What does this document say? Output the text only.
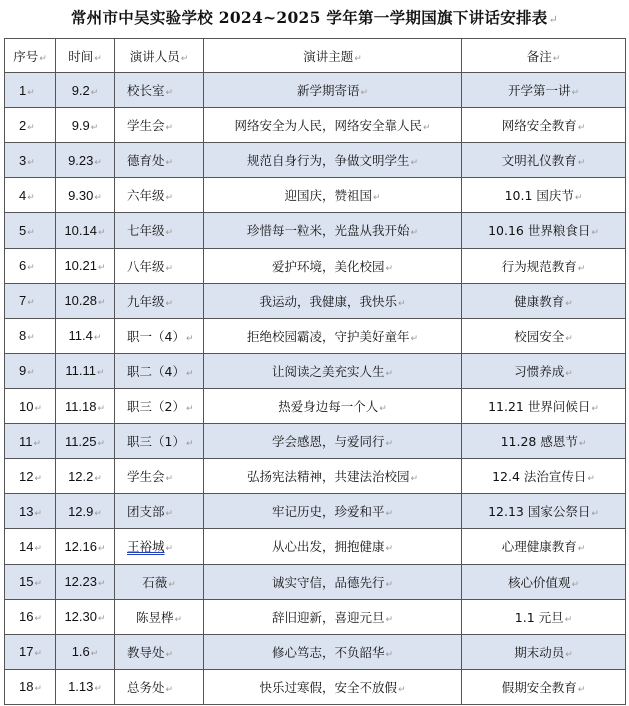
常州市中吴实验学校 2024~2025 学年第一学期国旗下讲话安排表↵
序号↵	时间↵	演讲人员↵	演讲主题↵	备注↵
1↵	9.2↵	校长室↵	新学期寄语↵	开学第一讲↵
2↵	9.9↵	学生会↵	网络安全为人民，网络安全靠人民↵	网络安全教育↵
3↵	9.23↵	德育处↵	规范自身行为，争做文明学生↵	文明礼仪教育↵
4↵	9.30↵	六年级↵	迎国庆，赞祖国↵	10.1 国庆节↵
5↵	10.14↵	七年级↵	珍惜每一粒米，光盘从我开始↵	10.16 世界粮食日↵
6↵	10.21↵	八年级↵	爱护环境，美化校园↵	行为规范教育↵
7↵	10.28↵	九年级↵	我运动，我健康，我快乐↵	健康教育↵
8↵	11.4↵	职一（4）↵	拒绝校园霸凌，守护美好童年↵	校园安全↵
9↵	11.11↵	职二（4）↵	让阅读之美充实人生↵	习惯养成↵
10↵	11.18↵	职三（2）↵	热爱身边每一个人↵	11.21 世界问候日↵
11↵	11.25↵	职三（1）↵	学会感恩，与爱同行↵	11.28 感恩节↵
12↵	12.2↵	学生会↵	弘扬宪法精神，共建法治校园↵	12.4 法治宣传日↵
13↵	12.9↵	团支部↵	牢记历史，珍爱和平↵	12.13 国家公祭日↵
14↵	12.16↵	王裕城↵	从心出发，拥抱健康↵	心理健康教育↵
15↵	12.23↵	石薇↵	诚实守信，品德先行↵	核心价值观↵
16↵	12.30↵	陈昱桦↵	辞旧迎新，喜迎元旦↵	1.1 元旦↵
17↵	1.6↵	教导处↵	修心笃志，不负韶华↵	期末动员↵
18↵	1.13↵	总务处↵	快乐过寒假，安全不放假↵	假期安全教育↵
